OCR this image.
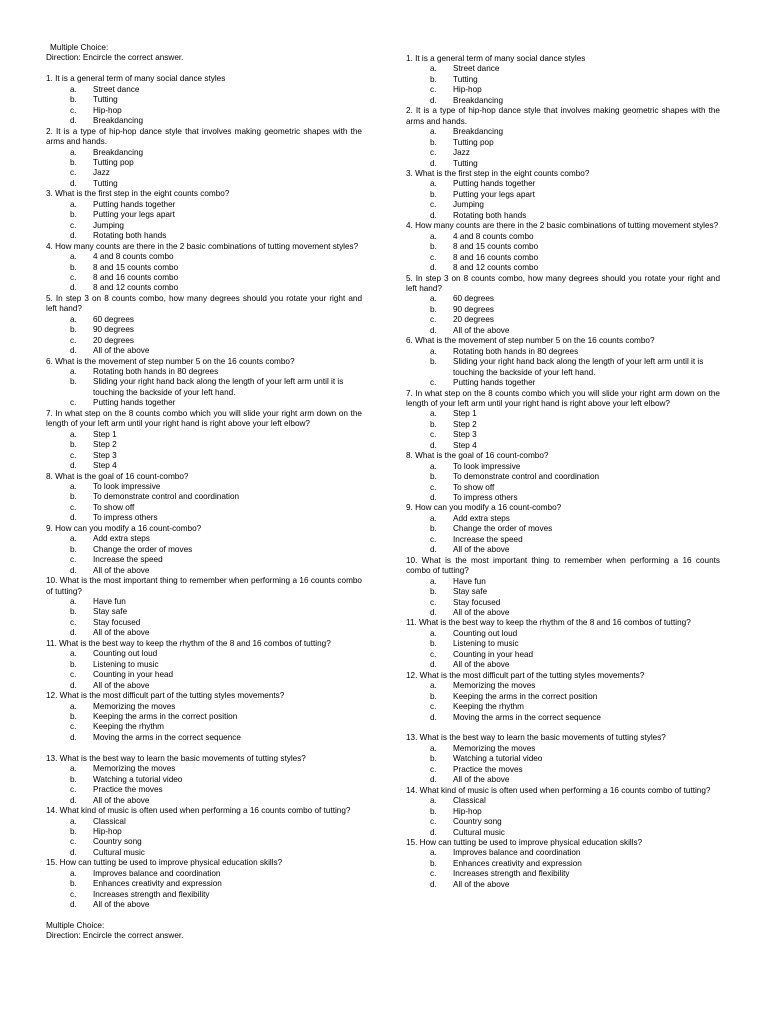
Multiple Choice:
Direction: Encircle the correct answer.
1. It is a general term of many social dance styles
a.	Street dance
b.	Tutting
c.	Hip-hop
d.	Breakdancing
2. It is a type of hip-hop dance style that involves making geometric shapes with the arms and hands.
a.	Breakdancing
b.	Tutting pop
c.	Jazz
d.	Tutting
3. What is the first step in the eight counts combo?
a.	Putting hands together
b.	Putting your legs apart
c.	Jumping
d.	Rotating both hands
4. How many counts are there in the 2 basic combinations of tutting movement styles?
a.	4 and 8 counts combo
b.	8 and 15 counts combo
c.	8 and 16 counts combo
d.	8 and 12 counts combo
5. In step 3 on 8 counts combo, how many degrees should you rotate your right and left hand?
a.	60 degrees
b.	90 degrees
c.	20 degrees
d.	All of the above
6. What is the movement of step number 5 on the 16 counts combo?
a.	Rotating both hands in 80 degrees
b.	Sliding your right hand back along the length of your left arm until it is touching the backside of your left hand.
c.	Putting hands together
7. In what step on the 8 counts combo which you will slide your right arm down on the length of your left arm until your right hand is right above your left elbow?
a.	Step 1
b.	Step 2
c.	Step 3
d.	Step 4
8. What is the goal of 16 count-combo?
a.	To look impressive
b.	To demonstrate control and coordination
c.	To show off
d.	To impress others
9. How can you modify a 16 count-combo?
a.	Add extra steps
b.	Change the order of moves
c.	Increase the speed
d.	All of the above
10. What is the most important thing to remember when performing a 16 counts combo of tutting?
a.	Have fun
b.	Stay safe
c.	Stay focused
d.	All of the above
11. What is the best way to keep the rhythm of the 8 and 16 combos of tutting?
a.	Counting out loud
b.	Listening to music
c.	Counting in your head
d.	All of the above
12. What is the most difficult part of the tutting styles movements?
a.	Memorizing the moves
b.	Keeping the arms in the correct position
c.	Keeping the rhythm
d.	Moving the arms in the correct sequence
13. What is the best way to learn the basic movements of tutting styles?
a.	Memorizing the moves
b.	Watching a tutorial video
c.	Practice the moves
d.	All of the above
14. What kind of music is often used when performing a 16 counts combo of tutting?
a.	Classical
b.	Hip-hop
c.	Country song
d.	Cultural music
15. How can tutting be used to improve physical education skills?
a.	Improves balance and coordination
b.	Enhances creativity and expression
c.	Increases strength and flexibility
d.	All of the above
Multiple Choice:
Direction: Encircle the correct answer.
1. It is a general term of many social dance styles
a.	Street dance
b.	Tutting
c.	Hip-hop
d.	Breakdancing
2. It is a type of hip-hop dance style that involves making geometric shapes with the arms and hands.
a.	Breakdancing
b.	Tutting pop
c.	Jazz
d.	Tutting
3. What is the first step in the eight counts combo?
a.	Putting hands together
b.	Putting your legs apart
c.	Jumping
d.	Rotating both hands
4. How many counts are there in the 2 basic combinations of tutting movement styles?
a.	4 and 8 counts combo
b.	8 and 15 counts combo
c.	8 and 16 counts combo
d.	8 and 12 counts combo
5. In step 3 on 8 counts combo, how many degrees should you rotate your right and left hand?
a.	60 degrees
b.	90 degrees
c.	20 degrees
d.	All of the above
6. What is the movement of step number 5 on the 16 counts combo?
a.	Rotating both hands in 80 degrees
b.	Sliding your right hand back along the length of your left arm until it is touching the backside of your left hand.
c.	Putting hands together
7. In what step on the 8 counts combo which you will slide your right arm down on the length of your left arm until your right hand is right above your left elbow?
a.	Step 1
b.	Step 2
c.	Step 3
d.	Step 4
8. What is the goal of 16 count-combo?
a.	To look impressive
b.	To demonstrate control and coordination
c.	To show off
d.	To impress others
9. How can you modify a 16 count-combo?
a.	Add extra steps
b.	Change the order of moves
c.	Increase the speed
d.	All of the above
10. What is the most important thing to remember when performing a 16 counts combo of tutting?
a.	Have fun
b.	Stay safe
c.	Stay focused
d.	All of the above
11. What is the best way to keep the rhythm of the 8 and 16 combos of tutting?
a.	Counting out loud
b.	Listening to music
c.	Counting in your head
d.	All of the above
12. What is the most difficult part of the tutting styles movements?
a.	Memorizing the moves
b.	Keeping the arms in the correct position
c.	Keeping the rhythm
d.	Moving the arms in the correct sequence
13. What is the best way to learn the basic movements of tutting styles?
a.	Memorizing the moves
b.	Watching a tutorial video
c.	Practice the moves
d.	All of the above
14. What kind of music is often used when performing a 16 counts combo of tutting?
a.	Classical
b.	Hip-hop
c.	Country song
d.	Cultural music
15. How can tutting be used to improve physical education skills?
a.	Improves balance and coordination
b.	Enhances creativity and expression
c.	Increases strength and flexibility
d.	All of the above
